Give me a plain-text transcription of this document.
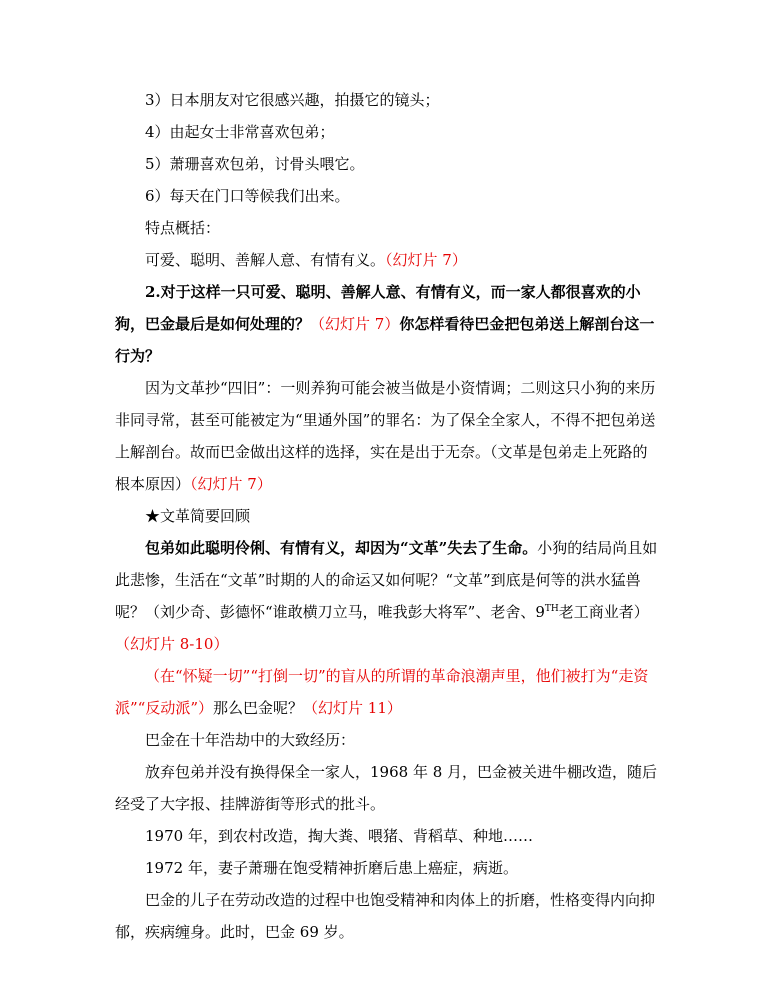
3）日本朋友对它很感兴趣，拍摄它的镜头；

4）由起女士非常喜欢包弟；

5）萧珊喜欢包弟，讨骨头喂它。

6）每天在门口等候我们出来。

特点概括：

可爱、聪明、善解人意、有情有义。（幻灯片 7）

2.对于这样一只可爱、聪明、善解人意、有情有义，而一家人都很喜欢的小狗，巴金最后是如何处理的？（幻灯片 7）你怎样看待巴金把包弟送上解剖台这一行为？

因为文革抄“四旧”：一则养狗可能会被当做是小资情调；二则这只小狗的来历非同寻常，甚至可能被定为“里通外国”的罪名：为了保全全家人，不得不把包弟送上解剖台。故而巴金做出这样的选择，实在是出于无奈。（文革是包弟走上死路的根本原因）（幻灯片 7）

★文革简要回顾

包弟如此聪明伶俐、有情有义，却因为“文革”失去了生命。小狗的结局尚且如此悲惨，生活在“文革”时期的人的命运又如何呢？“文革”到底是何等的洪水猛兽呢？（刘少奇、彭德怀“谁敢横刀立马，唯我彭大将军”、老舍、9TH老工商业者）（幻灯片 8-10）

（在“怀疑一切”“打倒一切”的盲从的所谓的革命浪潮声里，他们被打为“走资派”“反动派”）那么巴金呢？（幻灯片 11）

巴金在十年浩劫中的大致经历：

放弃包弟并没有换得保全一家人，1968 年 8 月，巴金被关进牛棚改造，随后经受了大字报、挂牌游街等形式的批斗。

1970 年，到农村改造，掏大粪、喂猪、背稻草、种地……

1972 年，妻子萧珊在饱受精神折磨后患上癌症，病逝。

巴金的儿子在劳动改造的过程中也饱受精神和肉体上的折磨，性格变得内向抑郁，疾病缠身。此时，巴金 69 岁。
